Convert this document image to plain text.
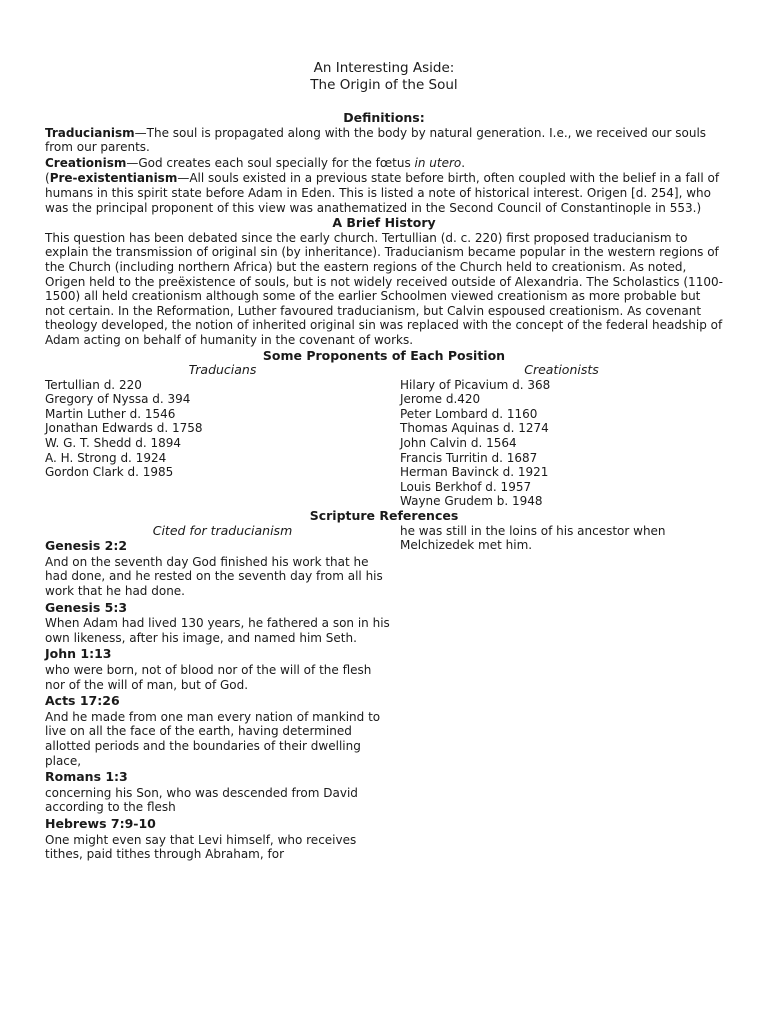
An Interesting Aside:
The Origin of the Soul
Definitions:

Traducianism—The soul is propagated along with the body by natural generation. I.e., we received our souls from our parents.

Creationism—God creates each soul specially for the fœtus in utero.

(Pre-existentianism—All souls existed in a previous state before birth, often coupled with the belief in a fall of humans in this spirit state before Adam in Eden. This is listed a note of historical interest. Origen [d. 254], who was the principal proponent of this view was anathematized in the Second Council of Constantinople in 553.)

A Brief History

This question has been debated since the early church. Tertullian (d. c. 220) first proposed traducianism to explain the transmission of original sin (by inheritance). Traducianism became popular in the western regions of the Church (including northern Africa) but the eastern regions of the Church held to creationism. As noted, Origen held to the preëxistence of souls, but is not widely received outside of Alexandria. The Scholastics (1100-1500) all held creationism although some of the earlier Schoolmen viewed creationism as more probable but not certain. In the Reformation, Luther favoured traducianism, but Calvin espoused creationism. As covenant theology developed, the notion of inherited original sin was replaced with the concept of the federal headship of Adam acting on behalf of humanity in the covenant of works.

Some Proponents of Each Position
Traducians
Tertullian d. 220
Gregory of Nyssa d. 394
Martin Luther d. 1546
Jonathan Edwards d. 1758
W. G. T. Shedd d. 1894
A. H. Strong d. 1924
Gordon Clark d. 1985
Creationists
Hilary of Picavium d. 368
Jerome d.420
Peter Lombard d. 1160
Thomas Aquinas d. 1274
John Calvin d. 1564
Francis Turritin d. 1687
Herman Bavinck d. 1921
Louis Berkhof d. 1957
Wayne Grudem b. 1948
Scripture References
Cited for traducianism
Genesis 2:2
And on the seventh day God finished his work that he had done, and he rested on the seventh day from all his work that he had done.
Genesis 5:3
When Adam had lived 130 years, he fathered a son in his own likeness, after his image, and named him Seth.
John 1:13
who were born, not of blood nor of the will of the flesh nor of the will of man, but of God.
Acts 17:26
And he made from one man every nation of mankind to live on all the face of the earth, having determined allotted periods and the boundaries of their dwelling place,
Romans 1:3
concerning his Son, who was descended from David according to the flesh
Hebrews 7:9-10
One might even say that Levi himself, who receives tithes, paid tithes through Abraham, for
he was still in the loins of his ancestor when Melchizedek met him.
